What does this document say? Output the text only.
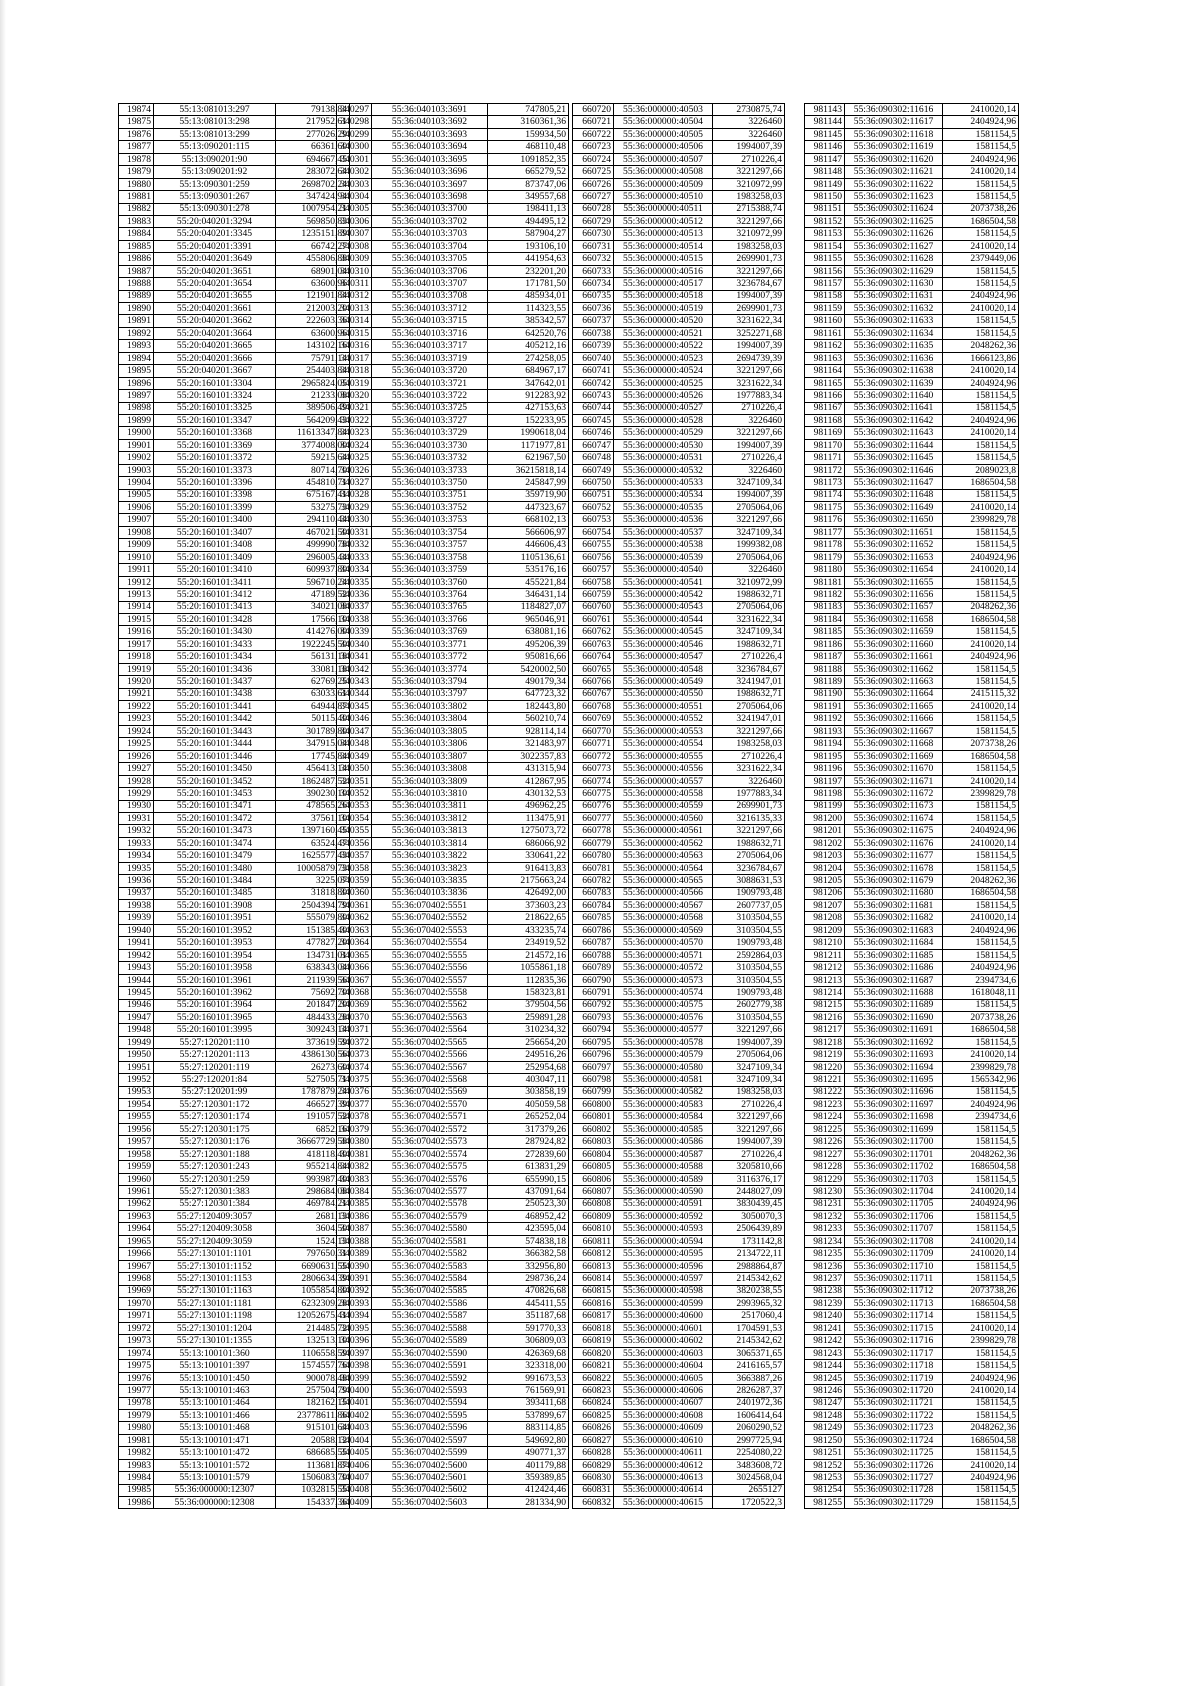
19874	55:13:081013:297	79138,84
19875	55:13:081013:298	217952,61
19876	55:13:081013:299	277026,29
19877	55:13:090201:115	66361,60
19878	55:13:090201:90	694667,45
19879	55:13:090201:92	283072,64
19880	55:13:090301:259	2698702,24
19881	55:13:090301:267	347424,94
19882	55:13:090301:278	1007954,21
19883	55:20:040201:3294	569850,83
19884	55:20:040201:3345	1235151,89
19885	55:20:040201:3391	66742,27
19886	55:20:040201:3649	455806,88
19887	55:20:040201:3651	68901,04
19888	55:20:040201:3654	63600,96
19889	55:20:040201:3655	121901,84
19890	55:20:040201:3661	212003,20
19891	55:20:040201:3662	222603,36
19892	55:20:040201:3664	63600,96
19893	55:20:040201:3665	143102,16
19894	55:20:040201:3666	75791,14
19895	55:20:040201:3667	254403,84
19896	55:20:160101:3304	2965824,05
19897	55:20:160101:3324	21233,08
19898	55:20:160101:3325	389506,49
19899	55:20:160101:3347	564209,43
19900	55:20:160101:3368	11613347,84
19901	55:20:160101:3369	3774008,00
19902	55:20:160101:3372	59215,64
19903	55:20:160101:3373	80714,70
19904	55:20:160101:3396	454810,71
19905	55:20:160101:3398	675167,41
19906	55:20:160101:3399	53275,73
19907	55:20:160101:3400	294110,44
19908	55:20:160101:3407	467021,50
19909	55:20:160101:3408	499990,78
19910	55:20:160101:3409	296005,44
19911	55:20:160101:3410	609937,80
19912	55:20:160101:3411	596710,24
19913	55:20:160101:3412	47189,52
19914	55:20:160101:3413	34021,08
19915	55:20:160101:3428	17566,10
19916	55:20:160101:3430	414276,00
19917	55:20:160101:3433	1922245,50
19918	55:20:160101:3434	56131,18
19919	55:20:160101:3436	33081,18
19920	55:20:160101:3437	62769,25
19921	55:20:160101:3438	63033,61
19922	55:20:160101:3441	64944,87
19923	55:20:160101:3442	50115,40
19924	55:20:160101:3443	301789,80
19925	55:20:160101:3444	347915,04
19926	55:20:160101:3446	17745,84
19927	55:20:160101:3450	456413,14
19928	55:20:160101:3452	1862487,52
19929	55:20:160101:3453	390230,10
19930	55:20:160101:3471	478565,26
19931	55:20:160101:3472	37561,10
19932	55:20:160101:3473	1397160,45
19933	55:20:160101:3474	63524,47
19934	55:20:160101:3479	1625577,43
19935	55:20:160101:3480	10005879,73
19936	55:20:160101:3484	3225,07
19937	55:20:160101:3485	31818,80
19938	55:20:160101:3908	2504394,79
19939	55:20:160101:3951	555079,80
19940	55:20:160101:3952	151385,40
19941	55:20:160101:3953	477827,20
19942	55:20:160101:3954	134731,01
19943	55:20:160101:3958	638343,04
19944	55:20:160101:3961	211939,56
19945	55:20:160101:3962	75692,70
19946	55:20:160101:3964	201847,20
19947	55:20:160101:3965	484433,28
19948	55:20:160101:3995	309243,14
19949	55:27:120201:110	373619,59
19950	55:27:120201:113	4386130,56
19951	55:27:120201:119	26273,60
19952	55:27:120201:84	527505,71
19953	55:27:120201:99	1787879,24
19954	55:27:120301:172	466527,39
19955	55:27:120301:174	191057,52
19956	55:27:120301:175	6852,16
19957	55:27:120301:176	36667729,58
19958	55:27:120301:188	418118,40
19959	55:27:120301:243	955214,84
19960	55:27:120301:259	993987,40
19961	55:27:120301:383	298684,08
19962	55:27:120301:384	469784,21
19963	55:27:120409:3057	2681,13
19964	55:27:120409:3058	3604,50
19965	55:27:120409:3059	1524,13
19966	55:27:130101:1101	797650,31
19967	55:27:130101:1152	6690631,55
19968	55:27:130101:1153	2806634,39
19969	55:27:130101:1163	1055854,80
19970	55:27:130101:1181	6232309,28
19971	55:27:130101:1198	12052675,41
19972	55:27:130101:1204	214485,72
19973	55:27:130101:1355	132513,10
19974	55:13:100101:360	1106558,59
19975	55:13:100101:397	1574557,76
19976	55:13:100101:450	900078,48
19977	55:13:100101:463	257504,79
19978	55:13:100101:464	182162,15
19979	55:13:100101:466	23778611,86
19980	55:13:100101:468	915101,64
19981	55:13:100101:471	20588,12
19982	55:13:100101:472	686685,55
19983	55:13:100101:572	113681,87
19984	55:13:100101:579	1506083,70
19985	55:36:000000:12307	1032815,55
19986	55:36:000000:12308	154337,36
340297	55:36:040103:3691	747805,21
340298	55:36:040103:3692	3160361,36
340299	55:36:040103:3693	159934,50
340300	55:36:040103:3694	468110,48
340301	55:36:040103:3695	1091852,35
340302	55:36:040103:3696	665279,52
340303	55:36:040103:3697	873747,06
340304	55:36:040103:3698	349557,68
340305	55:36:040103:3700	198411,13
340306	55:36:040103:3702	494495,12
340307	55:36:040103:3703	587904,27
340308	55:36:040103:3704	193106,10
340309	55:36:040103:3705	441954,63
340310	55:36:040103:3706	232201,20
340311	55:36:040103:3707	171781,50
340312	55:36:040103:3708	485934,01
340313	55:36:040103:3712	114323,55
340314	55:36:040103:3715	385342,57
340315	55:36:040103:3716	642520,76
340316	55:36:040103:3717	405212,16
340317	55:36:040103:3719	274258,05
340318	55:36:040103:3720	684967,17
340319	55:36:040103:3721	347642,01
340320	55:36:040103:3722	912283,92
340321	55:36:040103:3725	427153,63
340322	55:36:040103:3727	152233,95
340323	55:36:040103:3729	1990618,04
340324	55:36:040103:3730	1171977,81
340325	55:36:040103:3732	621967,50
340326	55:36:040103:3733	36215818,14
340327	55:36:040103:3750	245847,99
340328	55:36:040103:3751	359719,90
340329	55:36:040103:3752	447323,67
340330	55:36:040103:3753	668102,13
340331	55:36:040103:3754	566606,97
340332	55:36:040103:3757	446606,43
340333	55:36:040103:3758	1105136,61
340334	55:36:040103:3759	535176,16
340335	55:36:040103:3760	455221,84
340336	55:36:040103:3764	346431,14
340337	55:36:040103:3765	1184827,07
340338	55:36:040103:3766	965046,91
340339	55:36:040103:3769	638081,16
340340	55:36:040103:3771	495206,39
340341	55:36:040103:3772	950816,66
340342	55:36:040103:3774	5420002,50
340343	55:36:040103:3794	490179,34
340344	55:36:040103:3797	647723,32
340345	55:36:040103:3802	182443,80
340346	55:36:040103:3804	560210,74
340347	55:36:040103:3805	928114,14
340348	55:36:040103:3806	321483,97
340349	55:36:040103:3807	3022357,83
340350	55:36:040103:3808	431315,94
340351	55:36:040103:3809	412867,95
340352	55:36:040103:3810	430132,53
340353	55:36:040103:3811	496962,25
340354	55:36:040103:3812	113475,91
340355	55:36:040103:3813	1275073,72
340356	55:36:040103:3814	686066,92
340357	55:36:040103:3822	330641,22
340358	55:36:040103:3823	916413,83
340359	55:36:040103:3835	2175663,24
340360	55:36:040103:3836	426492,00
340361	55:36:070402:5551	373603,23
340362	55:36:070402:5552	218622,65
340363	55:36:070402:5553	433235,74
340364	55:36:070402:5554	234919,52
340365	55:36:070402:5555	214572,16
340366	55:36:070402:5556	1055861,18
340367	55:36:070402:5557	112835,36
340368	55:36:070402:5558	158323,81
340369	55:36:070402:5562	379504,56
340370	55:36:070402:5563	259891,28
340371	55:36:070402:5564	310234,32
340372	55:36:070402:5565	256654,20
340373	55:36:070402:5566	249516,26
340374	55:36:070402:5567	252954,68
340375	55:36:070402:5568	403047,11
340376	55:36:070402:5569	303858,19
340377	55:36:070402:5570	405059,58
340378	55:36:070402:5571	265252,04
340379	55:36:070402:5572	317379,26
340380	55:36:070402:5573	287924,82
340381	55:36:070402:5574	272839,60
340382	55:36:070402:5575	613831,29
340383	55:36:070402:5576	655990,15
340384	55:36:070402:5577	437091,64
340385	55:36:070402:5578	250523,30
340386	55:36:070402:5579	468952,42
340387	55:36:070402:5580	423595,04
340388	55:36:070402:5581	574838,18
340389	55:36:070402:5582	366382,58
340390	55:36:070402:5583	332956,80
340391	55:36:070402:5584	298736,24
340392	55:36:070402:5585	470826,68
340393	55:36:070402:5586	445411,55
340394	55:36:070402:5587	351187,68
340395	55:36:070402:5588	591770,33
340396	55:36:070402:5589	306809,03
340397	55:36:070402:5590	426369,68
340398	55:36:070402:5591	323318,00
340399	55:36:070402:5592	991673,53
340400	55:36:070402:5593	761569,91
340401	55:36:070402:5594	393411,68
340402	55:36:070402:5595	537899,67
340403	55:36:070402:5596	883114,85
340404	55:36:070402:5597	549692,80
340405	55:36:070402:5599	490771,37
340406	55:36:070402:5600	401179,88
340407	55:36:070402:5601	359389,85
340408	55:36:070402:5602	412424,46
340409	55:36:070402:5603	281334,90
660720	55:36:000000:40503	2730875,74
660721	55:36:000000:40504	3226460
660722	55:36:000000:40505	3226460
660723	55:36:000000:40506	1994007,39
660724	55:36:000000:40507	2710226,4
660725	55:36:000000:40508	3221297,66
660726	55:36:000000:40509	3210972,99
660727	55:36:000000:40510	1983258,03
660728	55:36:000000:40511	2715388,74
660729	55:36:000000:40512	3221297,66
660730	55:36:000000:40513	3210972,99
660731	55:36:000000:40514	1983258,03
660732	55:36:000000:40515	2699901,73
660733	55:36:000000:40516	3221297,66
660734	55:36:000000:40517	3236784,67
660735	55:36:000000:40518	1994007,39
660736	55:36:000000:40519	2699901,73
660737	55:36:000000:40520	3231622,34
660738	55:36:000000:40521	3252271,68
660739	55:36:000000:40522	1994007,39
660740	55:36:000000:40523	2694739,39
660741	55:36:000000:40524	3221297,66
660742	55:36:000000:40525	3231622,34
660743	55:36:000000:40526	1977883,34
660744	55:36:000000:40527	2710226,4
660745	55:36:000000:40528	3226460
660746	55:36:000000:40529	3221297,66
660747	55:36:000000:40530	1994007,39
660748	55:36:000000:40531	2710226,4
660749	55:36:000000:40532	3226460
660750	55:36:000000:40533	3247109,34
660751	55:36:000000:40534	1994007,39
660752	55:36:000000:40535	2705064,06
660753	55:36:000000:40536	3221297,66
660754	55:36:000000:40537	3247109,34
660755	55:36:000000:40538	1999382,08
660756	55:36:000000:40539	2705064,06
660757	55:36:000000:40540	3226460
660758	55:36:000000:40541	3210972,99
660759	55:36:000000:40542	1988632,71
660760	55:36:000000:40543	2705064,06
660761	55:36:000000:40544	3231622,34
660762	55:36:000000:40545	3247109,34
660763	55:36:000000:40546	1988632,71
660764	55:36:000000:40547	2710226,4
660765	55:36:000000:40548	3236784,67
660766	55:36:000000:40549	3241947,01
660767	55:36:000000:40550	1988632,71
660768	55:36:000000:40551	2705064,06
660769	55:36:000000:40552	3241947,01
660770	55:36:000000:40553	3221297,66
660771	55:36:000000:40554	1983258,03
660772	55:36:000000:40555	2710226,4
660773	55:36:000000:40556	3231622,34
660774	55:36:000000:40557	3226460
660775	55:36:000000:40558	1977883,34
660776	55:36:000000:40559	2699901,73
660777	55:36:000000:40560	3216135,33
660778	55:36:000000:40561	3221297,66
660779	55:36:000000:40562	1988632,71
660780	55:36:000000:40563	2705064,06
660781	55:36:000000:40564	3236784,67
660782	55:36:000000:40565	3088631,53
660783	55:36:000000:40566	1909793,48
660784	55:36:000000:40567	2607737,05
660785	55:36:000000:40568	3103504,55
660786	55:36:000000:40569	3103504,55
660787	55:36:000000:40570	1909793,48
660788	55:36:000000:40571	2592864,03
660789	55:36:000000:40572	3103504,55
660790	55:36:000000:40573	3103504,55
660791	55:36:000000:40574	1909793,48
660792	55:36:000000:40575	2602779,38
660793	55:36:000000:40576	3103504,55
660794	55:36:000000:40577	3221297,66
660795	55:36:000000:40578	1994007,39
660796	55:36:000000:40579	2705064,06
660797	55:36:000000:40580	3247109,34
660798	55:36:000000:40581	3247109,34
660799	55:36:000000:40582	1983258,03
660800	55:36:000000:40583	2710226,4
660801	55:36:000000:40584	3221297,66
660802	55:36:000000:40585	3221297,66
660803	55:36:000000:40586	1994007,39
660804	55:36:000000:40587	2710226,4
660805	55:36:000000:40588	3205810,66
660806	55:36:000000:40589	3116376,17
660807	55:36:000000:40590	2448027,09
660808	55:36:000000:40591	3830439,45
660809	55:36:000000:40592	3050070,3
660810	55:36:000000:40593	2506439,89
660811	55:36:000000:40594	1731142,8
660812	55:36:000000:40595	2134722,11
660813	55:36:000000:40596	2988864,87
660814	55:36:000000:40597	2145342,62
660815	55:36:000000:40598	3820238,55
660816	55:36:000000:40599	2993965,32
660817	55:36:000000:40600	2517060,4
660818	55:36:000000:40601	1704591,53
660819	55:36:000000:40602	2145342,62
660820	55:36:000000:40603	3065371,65
660821	55:36:000000:40604	2416165,57
660822	55:36:000000:40605	3663887,26
660823	55:36:000000:40606	2826287,37
660824	55:36:000000:40607	2401972,36
660825	55:36:000000:40608	1606414,64
660826	55:36:000000:40609	2060290,52
660827	55:36:000000:40610	2997725,94
660828	55:36:000000:40611	2254080,22
660829	55:36:000000:40612	3483608,72
660830	55:36:000000:40613	3024568,04
660831	55:36:000000:40614	2655127
660832	55:36:000000:40615	1720522,3
981143	55:36:090302:11616	2410020,14
981144	55:36:090302:11617	2404924,96
981145	55:36:090302:11618	1581154,5
981146	55:36:090302:11619	1581154,5
981147	55:36:090302:11620	2404924,96
981148	55:36:090302:11621	2410020,14
981149	55:36:090302:11622	1581154,5
981150	55:36:090302:11623	1581154,5
981151	55:36:090302:11624	2073738,26
981152	55:36:090302:11625	1686504,58
981153	55:36:090302:11626	1581154,5
981154	55:36:090302:11627	2410020,14
981155	55:36:090302:11628	2379449,06
981156	55:36:090302:11629	1581154,5
981157	55:36:090302:11630	1581154,5
981158	55:36:090302:11631	2404924,96
981159	55:36:090302:11632	2410020,14
981160	55:36:090302:11633	1581154,5
981161	55:36:090302:11634	1581154,5
981162	55:36:090302:11635	2048262,36
981163	55:36:090302:11636	1666123,86
981164	55:36:090302:11638	2410020,14
981165	55:36:090302:11639	2404924,96
981166	55:36:090302:11640	1581154,5
981167	55:36:090302:11641	1581154,5
981168	55:36:090302:11642	2404924,96
981169	55:36:090302:11643	2410020,14
981170	55:36:090302:11644	1581154,5
981171	55:36:090302:11645	1581154,5
981172	55:36:090302:11646	2089023,8
981173	55:36:090302:11647	1686504,58
981174	55:36:090302:11648	1581154,5
981175	55:36:090302:11649	2410020,14
981176	55:36:090302:11650	2399829,78
981177	55:36:090302:11651	1581154,5
981178	55:36:090302:11652	1581154,5
981179	55:36:090302:11653	2404924,96
981180	55:36:090302:11654	2410020,14
981181	55:36:090302:11655	1581154,5
981182	55:36:090302:11656	1581154,5
981183	55:36:090302:11657	2048262,36
981184	55:36:090302:11658	1686504,58
981185	55:36:090302:11659	1581154,5
981186	55:36:090302:11660	2410020,14
981187	55:36:090302:11661	2404924,96
981188	55:36:090302:11662	1581154,5
981189	55:36:090302:11663	1581154,5
981190	55:36:090302:11664	2415115,32
981191	55:36:090302:11665	2410020,14
981192	55:36:090302:11666	1581154,5
981193	55:36:090302:11667	1581154,5
981194	55:36:090302:11668	2073738,26
981195	55:36:090302:11669	1686504,58
981196	55:36:090302:11670	1581154,5
981197	55:36:090302:11671	2410020,14
981198	55:36:090302:11672	2399829,78
981199	55:36:090302:11673	1581154,5
981200	55:36:090302:11674	1581154,5
981201	55:36:090302:11675	2404924,96
981202	55:36:090302:11676	2410020,14
981203	55:36:090302:11677	1581154,5
981204	55:36:090302:11678	1581154,5
981205	55:36:090302:11679	2048262,36
981206	55:36:090302:11680	1686504,58
981207	55:36:090302:11681	1581154,5
981208	55:36:090302:11682	2410020,14
981209	55:36:090302:11683	2404924,96
981210	55:36:090302:11684	1581154,5
981211	55:36:090302:11685	1581154,5
981212	55:36:090302:11686	2404924,96
981213	55:36:090302:11687	2394734,6
981214	55:36:090302:11688	1618048,11
981215	55:36:090302:11689	1581154,5
981216	55:36:090302:11690	2073738,26
981217	55:36:090302:11691	1686504,58
981218	55:36:090302:11692	1581154,5
981219	55:36:090302:11693	2410020,14
981220	55:36:090302:11694	2399829,78
981221	55:36:090302:11695	1565342,96
981222	55:36:090302:11696	1581154,5
981223	55:36:090302:11697	2404924,96
981224	55:36:090302:11698	2394734,6
981225	55:36:090302:11699	1581154,5
981226	55:36:090302:11700	1581154,5
981227	55:36:090302:11701	2048262,36
981228	55:36:090302:11702	1686504,58
981229	55:36:090302:11703	1581154,5
981230	55:36:090302:11704	2410020,14
981231	55:36:090302:11705	2404924,96
981232	55:36:090302:11706	1581154,5
981233	55:36:090302:11707	1581154,5
981234	55:36:090302:11708	2410020,14
981235	55:36:090302:11709	2410020,14
981236	55:36:090302:11710	1581154,5
981237	55:36:090302:11711	1581154,5
981238	55:36:090302:11712	2073738,26
981239	55:36:090302:11713	1686504,58
981240	55:36:090302:11714	1581154,5
981241	55:36:090302:11715	2410020,14
981242	55:36:090302:11716	2399829,78
981243	55:36:090302:11717	1581154,5
981244	55:36:090302:11718	1581154,5
981245	55:36:090302:11719	2404924,96
981246	55:36:090302:11720	2410020,14
981247	55:36:090302:11721	1581154,5
981248	55:36:090302:11722	1581154,5
981249	55:36:090302:11723	2048262,36
981250	55:36:090302:11724	1686504,58
981251	55:36:090302:11725	1581154,5
981252	55:36:090302:11726	2410020,14
981253	55:36:090302:11727	2404924,96
981254	55:36:090302:11728	1581154,5
981255	55:36:090302:11729	1581154,5
